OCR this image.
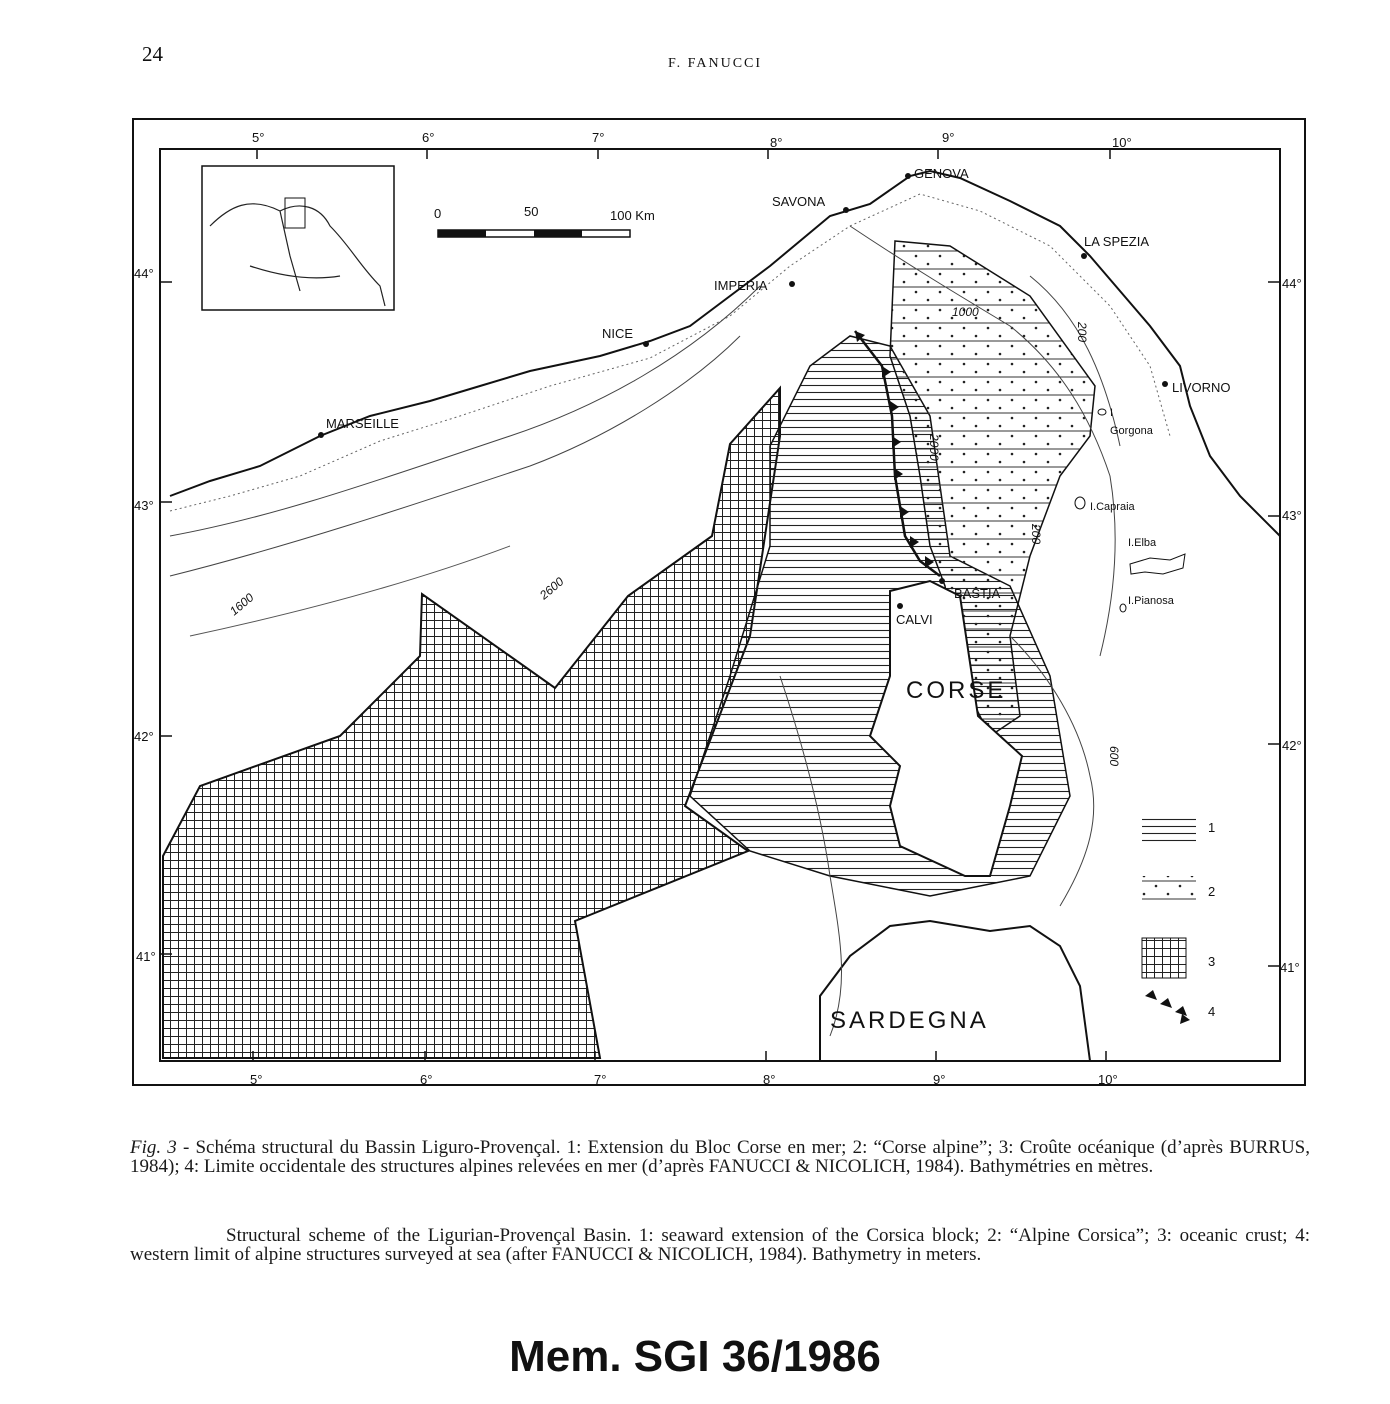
24	F. FANUCCI
5°	6°	7°	8°	9°	10°
5°	6°	7°	8°	9°	10°
44°
43°
42°
41°
44°
43°
42°
41°
0	50	100 Km
GENOVA
SAVONA
LA SPEZIA
IMPERIA
NICE
MARSEILLE
LIVORNO
BASTIA
CALVI
I
Gorgona
I.Capraia
I.Elba
I.Pianosa
1000
2000
200
200
600
1600
2600
CORSE
SARDEGNA
1
2
3
4
Fig. 3 - Schéma structural du Bassin Liguro-Provençal. 1: Extension du Bloc Corse en mer; 2: “Corse alpine”; 3: Croûte océanique (d’après BURRUS, 1984); 4: Limite occidentale des structures alpines relevées en mer (d’après FANUCCI & NICOLICH, 1984). Bathymétries en mètres.
Structural scheme of the Ligurian-Provençal Basin. 1: seaward extension of the Corsica block; 2: “Alpine Corsica”; 3: oceanic crust; 4: western limit of alpine structures surveyed at sea (after FANUCCI & NICOLICH, 1984). Bathymetry in meters.
Mem. SGI 36/1986
